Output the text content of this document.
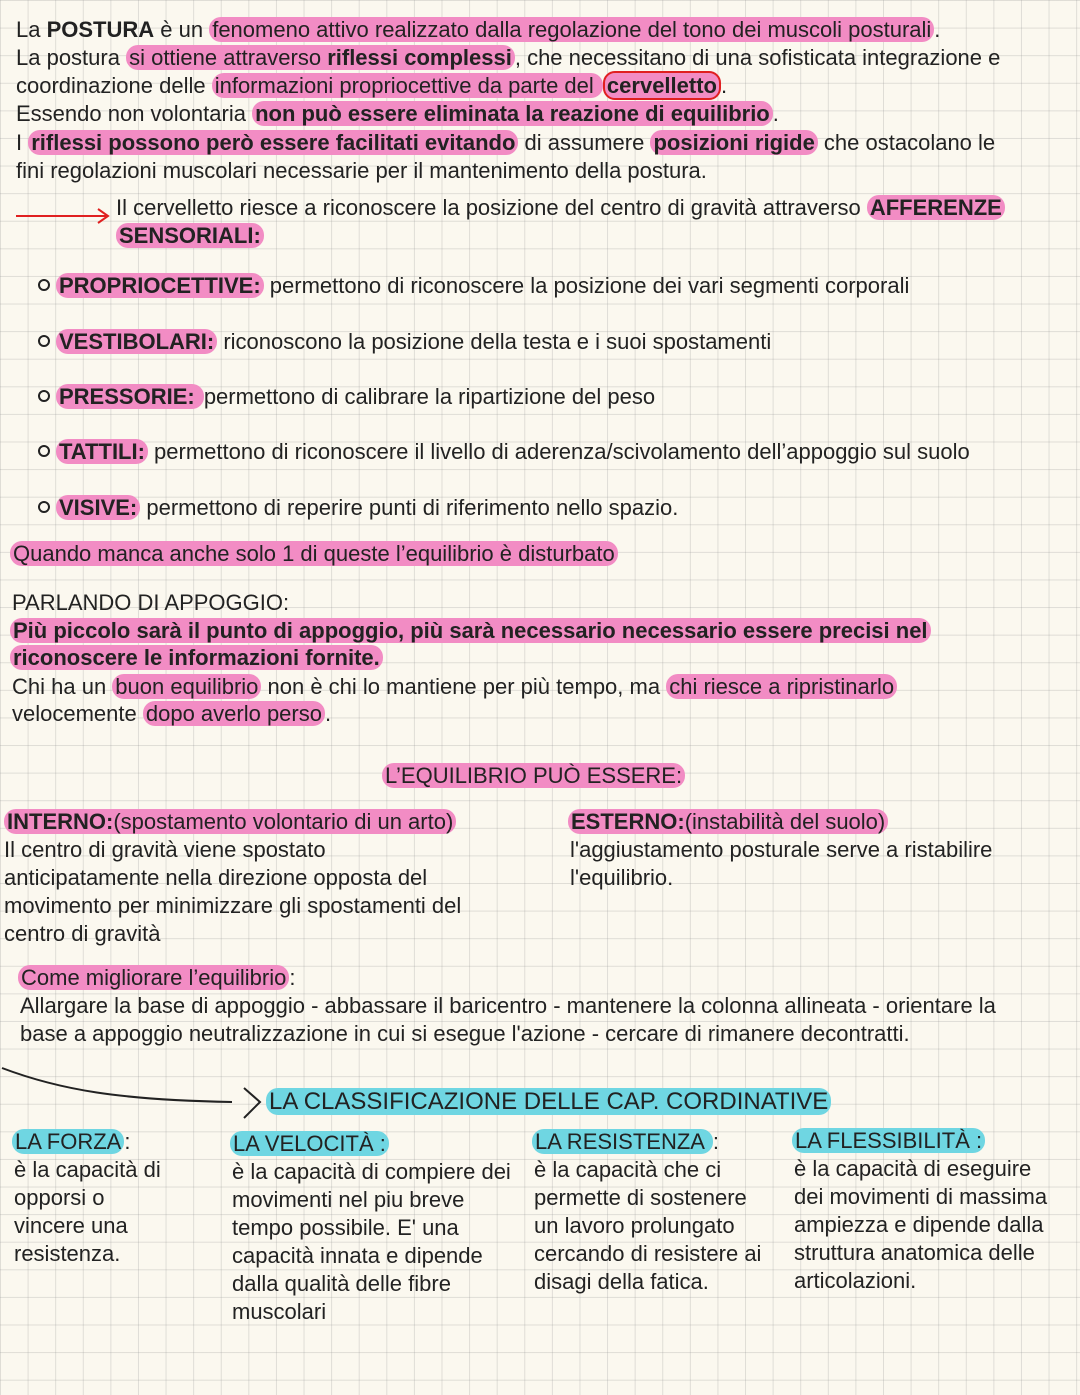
La POSTURA è un fenomeno attivo realizzato dalla regolazione del tono dei muscoli posturali .
La postura si ottiene attraverso riflessi complessi , che necessitano di una sofisticata integrazione e
coordinazione delle informazioni propriocettive da parte del cervelletto .
Essendo non volontaria non può essere eliminata la reazione di equilibrio .
I riflessi possono però essere facilitati evitando di assumere posizioni rigide che ostacolano le
fini regolazioni muscolari necessarie per il mantenimento della postura.
Il cervelletto riesce a riconoscere la posizione del centro di gravità attraverso AFFERENZE
SENSORIALI:
PROPRIOCETTIVE: permettono di riconoscere la posizione dei vari segmenti corporali
VESTIBOLARI: riconoscono la posizione della testa e i suoi spostamenti
PRESSORIE: permettono di calibrare la ripartizione del peso
TATTILI: permettono di riconoscere il livello di aderenza/scivolamento dell’appoggio sul suolo
VISIVE: permettono di reperire punti di riferimento nello spazio.
Quando manca anche solo 1 di queste l’equilibrio è disturbato
PARLANDO DI APPOGGIO:
Più piccolo sarà il punto di appoggio, più sarà necessario necessario essere precisi nel
riconoscere le informazioni fornite.
Chi ha un buon equilibrio non è chi lo mantiene per più tempo, ma chi riesce a ripristinarlo
velocemente dopo averlo perso .
L’EQUILIBRIO PUÒ ESSERE:
INTERNO:(spostamento volontario di un arto)
Il centro di gravità viene spostato anticipatamente nella direzione opposta del movimento per minimizzare gli spostamenti del centro di gravità
ESTERNO:(instabilità del suolo)
l'aggiustamento posturale serve a ristabilire l'equilibrio.
Come migliorare l’equilibrio :
Allargare la base di appoggio - abbassare il baricentro - mantenere la colonna allineata - orientare la
base a appoggio neutralizzazione in cui si esegue l'azione - cercare di rimanere decontratti.
LA CLASSIFICAZIONE DELLE CAP. CORDINATIVE
LA FORZA :
è la capacità di opporsi o vincere una resistenza.
LA VELOCITÀ :
è la capacità di compiere dei movimenti nel piu breve tempo possibile. E' una capacità innata e dipende dalla qualità delle fibre muscolari
LA RESISTENZA :
è la capacità che ci permette di sostenere un lavoro prolungato cercando di resistere ai disagi della fatica.
LA FLESSIBILITÀ :
è la capacità di eseguire dei movimenti di massima ampiezza e dipende dalla struttura anatomica delle articolazioni.
